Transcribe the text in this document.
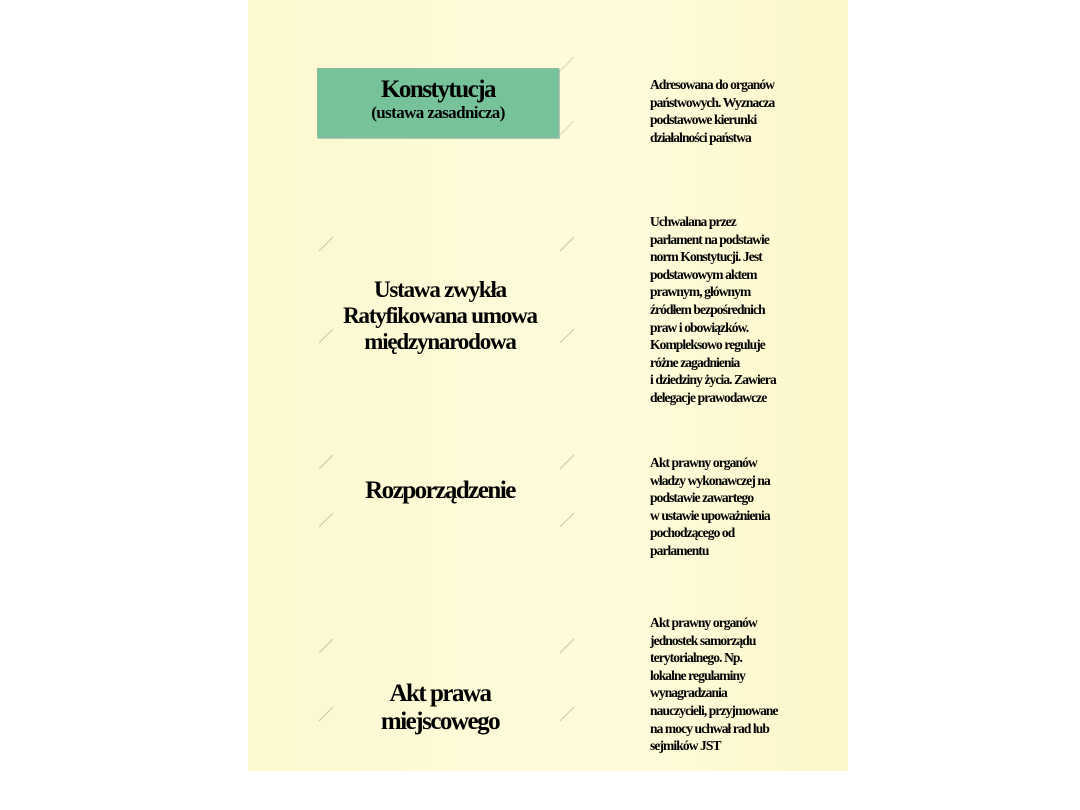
Konstytucja
(ustawa zasadnicza)
Adresowana do organów
państwowych. Wyznacza
podstawowe kierunki
działalności państwa

Ustawa zwykła
Ratyfikowana umowa
międzynarodowa

Uchwalana przez
parlament na podstawie
norm Konstytucji. Jest
podstawowym aktem
prawnym, głównym
źródłem bezpośrednich
praw i obowiązków.
Kompleksowo reguluje
różne zagadnienia
i dziedziny życia. Zawiera
delegacje prawodawcze
Rozporządzenie
Akt prawny organów
władzy wykonawczej na
podstawie zawartego
w ustawie upoważnienia
pochodzącego od
parlamentu

Akt prawa
miejscowego

Akt prawny organów
jednostek samorządu
terytorialnego. Np.
lokalne regulaminy
wynagradzania
nauczycieli, przyjmowane
na mocy uchwał rad lub
sejmików JST
